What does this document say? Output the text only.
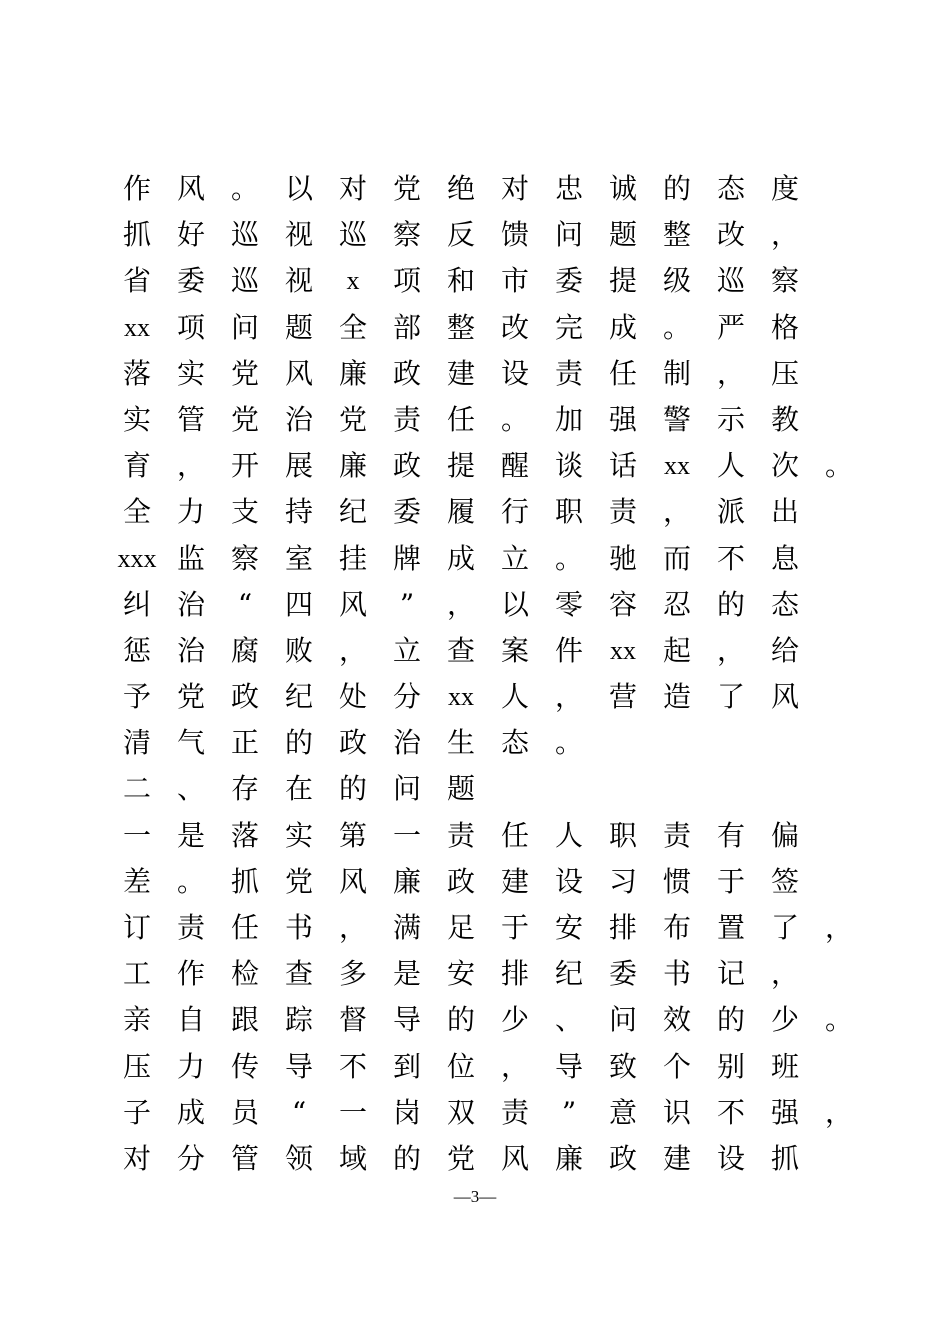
作 风 。 以 对 党 绝 对 忠 诚 的 态 度
抓 好 巡 视 巡 察 反 馈 问 题 整 改 ，
省 委 巡 视	x	项 和 市 委 提 级 巡 察
xx 项 问 题 全 部 整 改 完 成 。 严 格
落 实 党 风 廉 政 建 设 责 任 制 ， 压
实 管 党 治 党 责 任 。 加 强 警 示 教
育 ， 开 展 廉 政 提 醒 谈 话	xx 人 次 。
全 力 支 持 纪 委 履 行 职 责 ， 派 出
xxx 监 察 室 挂 牌 成 立 。 驰 而 不 息
纠 治	“	四 风	”	， 以 零 容 忍 的 态
惩 治 腐 败 ， 立 查 案 件	xx 起 ， 给
予 党 政 纪 处 分	xx 人 ， 营 造 了 风
清 气 正 的 政 治 生 态 。
二 、 存 在 的 问 题
一 是 落 实 第 一 责 任 人 职 责 有 偏
差 。 抓 党 风 廉 政 建 设 习 惯 于 签
订 责 任 书 ， 满 足 于 安 排 布 置 了 ，
工 作 检 查 多 是 安 排 纪 委 书 记 ，
亲 自 跟 踪 督 导 的 少 、 问 效 的 少 。
压 力 传 导 不 到 位 ， 导 致 个 别 班
子 成 员	“	一 岗 双 责	”	意 识 不 强 ，
对 分 管 领 域 的 党 风 廉 政 建 设 抓
—3—
